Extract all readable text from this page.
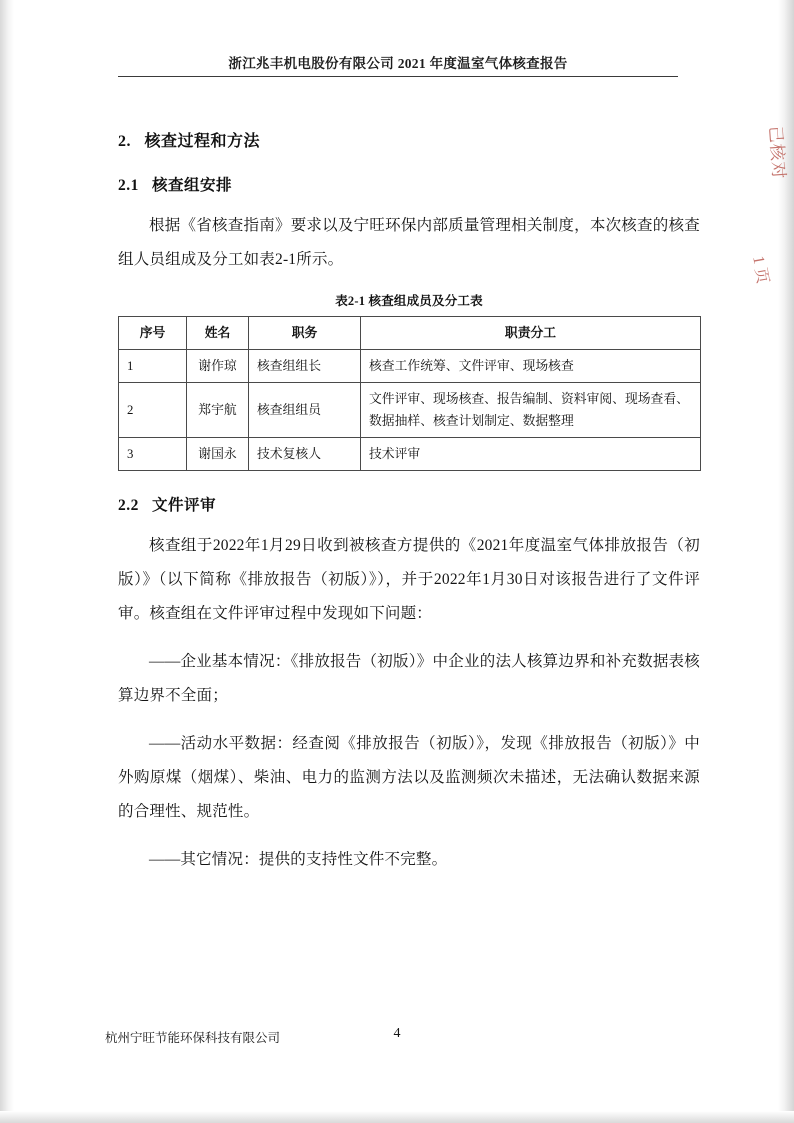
浙江兆丰机电股份有限公司 2021 年度温室气体核查报告
2. 核查过程和方法
2.1 核查组安排

根据《省核查指南》要求以及宁旺环保内部质量管理相关制度，本次核查的核查组人员组成及分工如表2-1所示。

表2-1 核查组成员及分工表
序号	姓名	职务	职责分工
1	谢作琼	核查组组长	核查工作统筹、文件评审、现场核查
2	郑宇航	核查组组员	文件评审、现场核查、报告编制、资料审阅、现场查看、数据抽样、核查计划制定、数据整理
3	谢国永	技术复核人	技术评审
2.2 文件评审

核查组于2022年1月29日收到被核查方提供的《2021年度温室气体排放报告（初版）》（以下简称《排放报告（初版）》），并于2022年1月30日对该报告进行了文件评审。核查组在文件评审过程中发现如下问题：

——企业基本情况：《排放报告（初版）》中企业的法人核算边界和补充数据表核算边界不全面；

——活动水平数据：经查阅《排放报告（初版）》，发现《排放报告（初版）》中外购原煤（烟煤）、柴油、电力的监测方法以及监测频次未描述，无法确认数据来源的合理性、规范性。

——其它情况：提供的支持性文件不完整。

杭州宁旺节能环保科技有限公司	4
己核对
1 页
